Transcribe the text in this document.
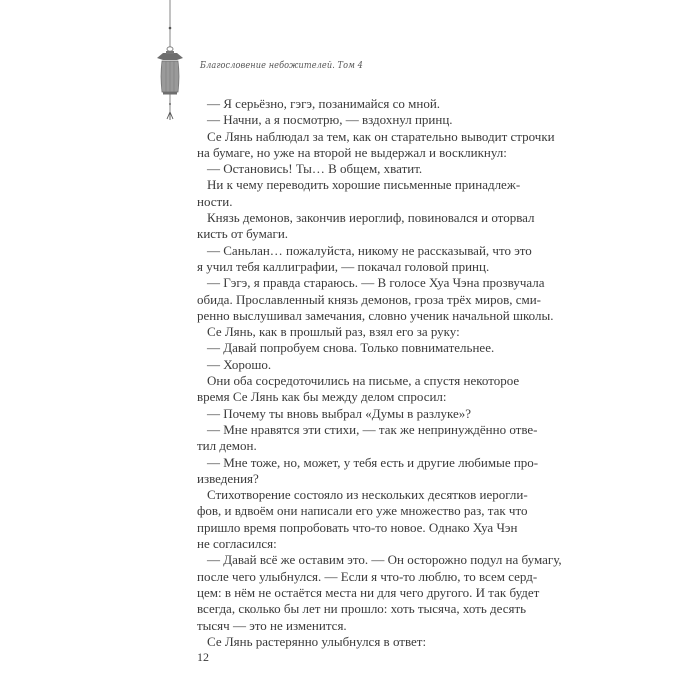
Благословение небожителей. Том 4

— Я серьёзно, гэгэ, позанимайся со мной.

— Начни, а я посмотрю, — вздохнул принц.

Се Лянь наблюдал за тем, как он старательно выводит строчки
на бумаге, но уже на второй не выдержал и воскликнул:

— Остановись! Ты… В общем, хватит.

Ни к чему переводить хорошие письменные принадлеж-
ности.

Князь демонов, закончив иероглиф, повиновался и оторвал
кисть от бумаги.

— Саньлан… пожалуйста, никому не рассказывай, что это
я учил тебя каллиграфии, — покачал головой принц.

— Гэгэ, я правда стараюсь. — В голосе Хуа Чэна прозвучала
обида. Прославленный князь демонов, гроза трёх миров, сми-
ренно выслушивал замечания, словно ученик начальной школы.

Се Лянь, как в прошлый раз, взял его за руку:

— Давай попробуем снова. Только повнимательнее.

— Хорошо.

Они оба сосредоточились на письме, а спустя некоторое
время Се Лянь как бы между делом спросил:

— Почему ты вновь выбрал «Думы в разлуке»?

— Мне нравятся эти стихи, — так же непринуждённо отве-
тил демон.

— Мне тоже, но, может, у тебя есть и другие любимые про-
изведения?

Стихотворение состояло из нескольких десятков иерогли-
фов, и вдвоём они написали его уже множество раз, так что
пришло время попробовать что-то новое. Однако Хуа Чэн
не согласился:

— Давай всё же оставим это. — Он осторожно подул на бумагу,
после чего улыбнулся. — Если я что-то люблю, то всем серд-
цем: в нём не остаётся места ни для чего другого. И так будет
всегда, сколько бы лет ни прошло: хоть тысяча, хоть десять
тысяч — это не изменится.

Се Лянь растерянно улыбнулся в ответ:

12
